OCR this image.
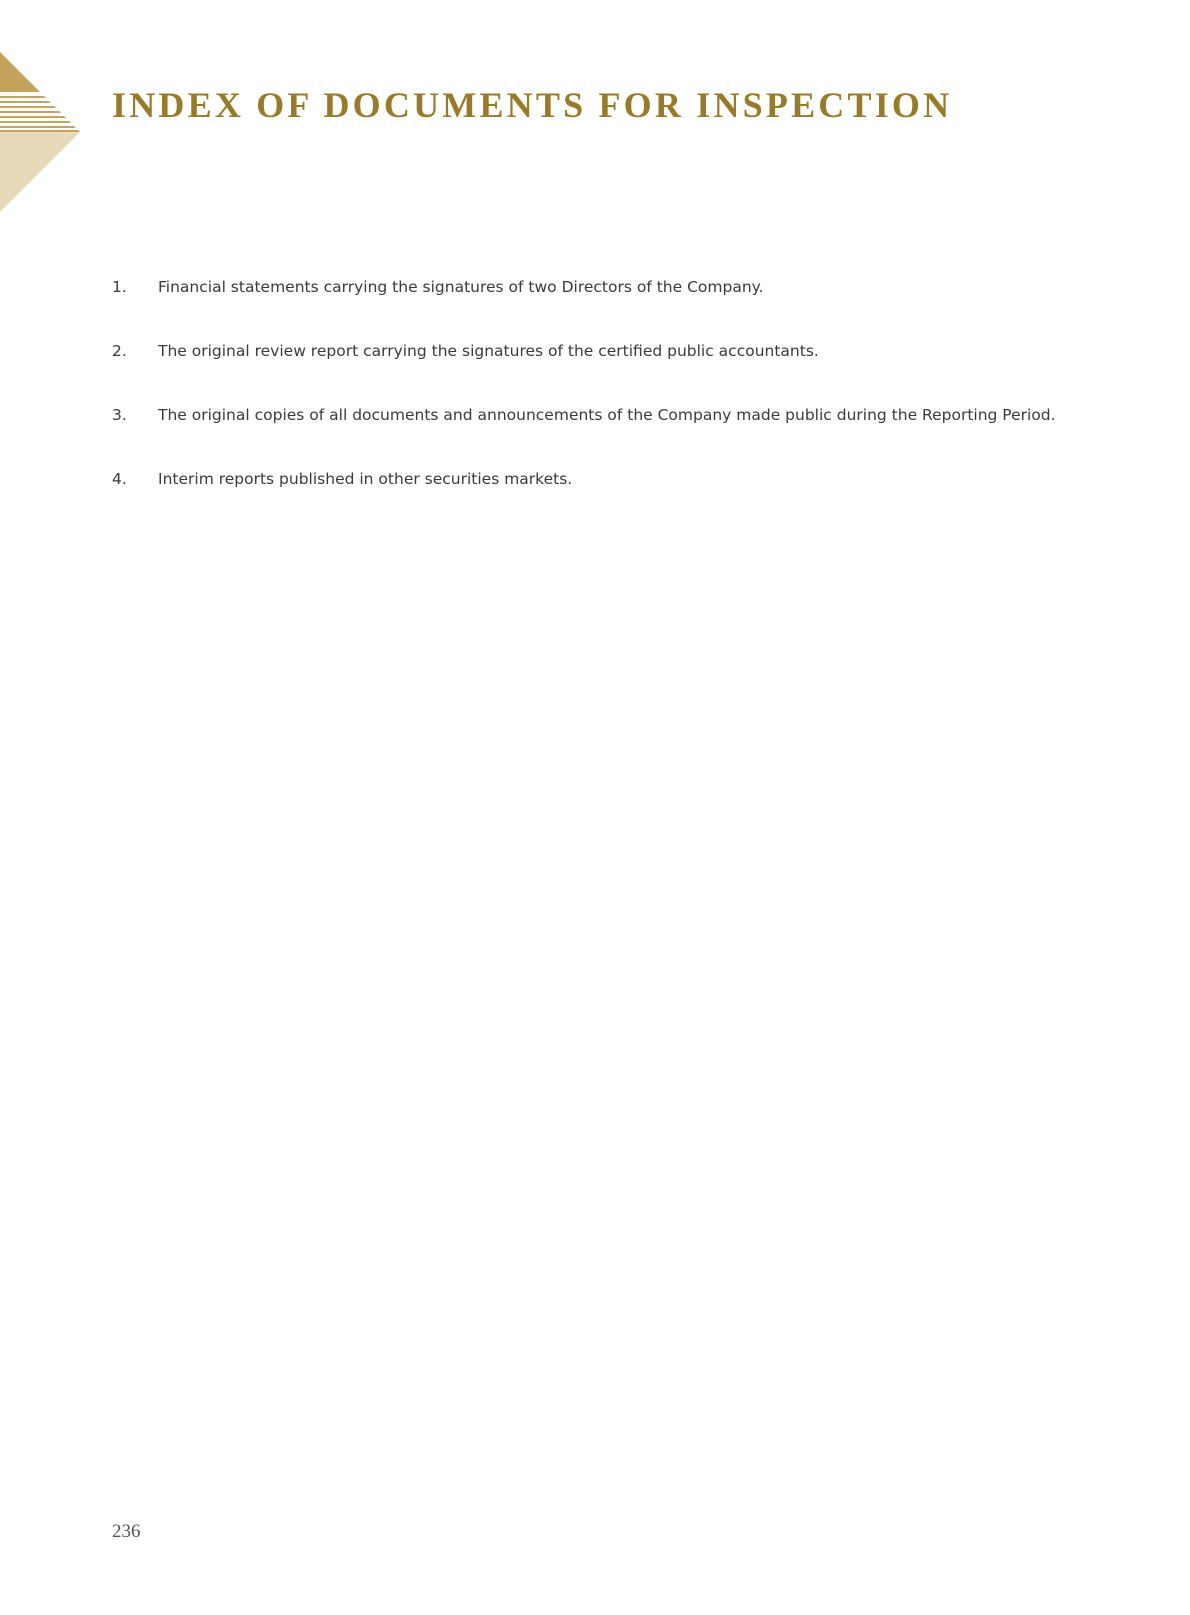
INDEX OF DOCUMENTS FOR INSPECTION
1.	Financial statements carrying the signatures of two Directors of the Company.
2.	The original review report carrying the signatures of the certified public accountants.
3.	The original copies of all documents and announcements of the Company made public during the Reporting Period.
4.	Interim reports published in other securities markets.
236
